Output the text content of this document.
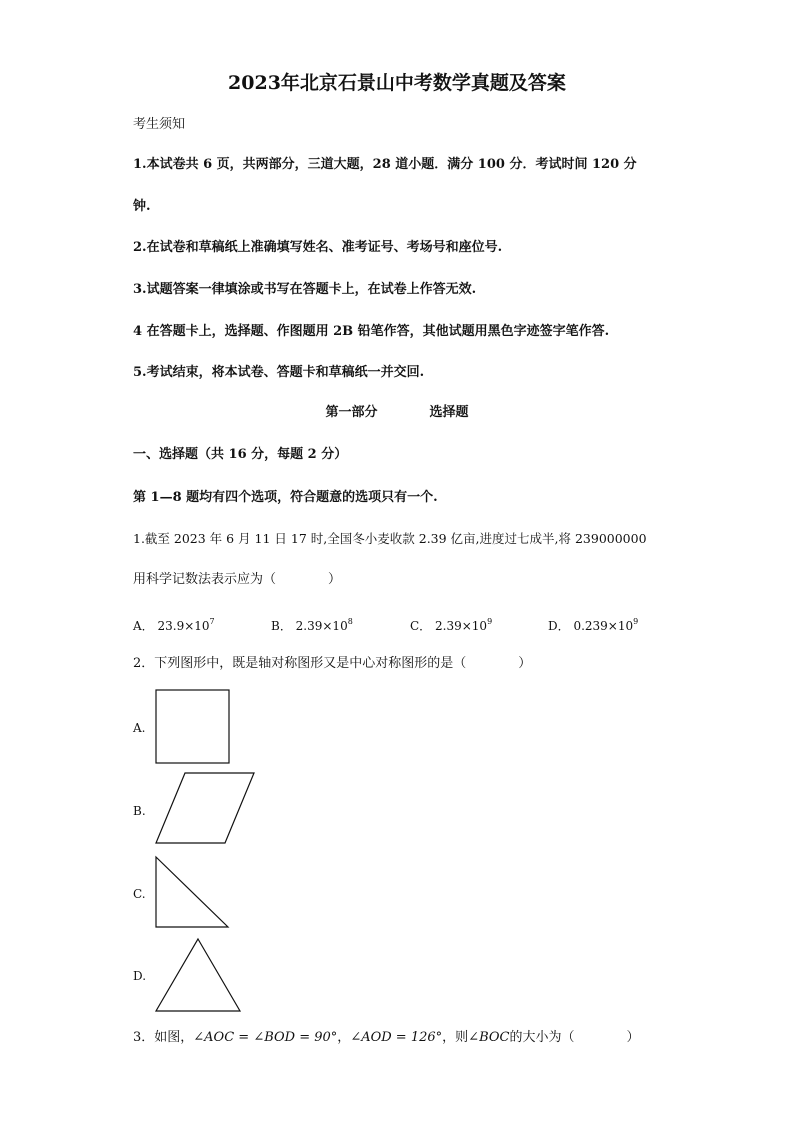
2023年北京石景山中考数学真题及答案
考生须知
1.本试卷共 6 页，共两部分，三道大题，28 道小题．满分 100 分．考试时间 120 分
钟.
2.在试卷和草稿纸上准确填写姓名、准考证号、考场号和座位号.
3.试题答案一律填涂或书写在答题卡上，在试卷上作答无效.
4 在答题卡上，选择题、作图题用 2B 铅笔作答，其他试题用黑色字迹签字笔作答.
5.考试结束，将本试卷、答题卡和草稿纸一并交回.
第一部分	选择题
一、选择题（共 16 分，每题 2 分）
第 1—8 题均有四个选项，符合题意的选项只有一个.
1.截至 2023 年 6 月 11 日 17 时,全国冬小麦收款 2.39 亿亩,进度过七成半,将 239000000
用科学记数法表示应为（　　　　）
A． $23.9\times 10^7$	B． $2.39\times 10^8$	C． $2.39\times 10^9$	D． $0.239\times 10^9$
2．下列图形中，既是轴对称图形又是中心对称图形的是（　　　　）
A.
B.
C.
D.
3．如图，∠AOC = ∠BOD = 90°，∠AOD = 126°，则∠BOC的大小为（　　　　）
